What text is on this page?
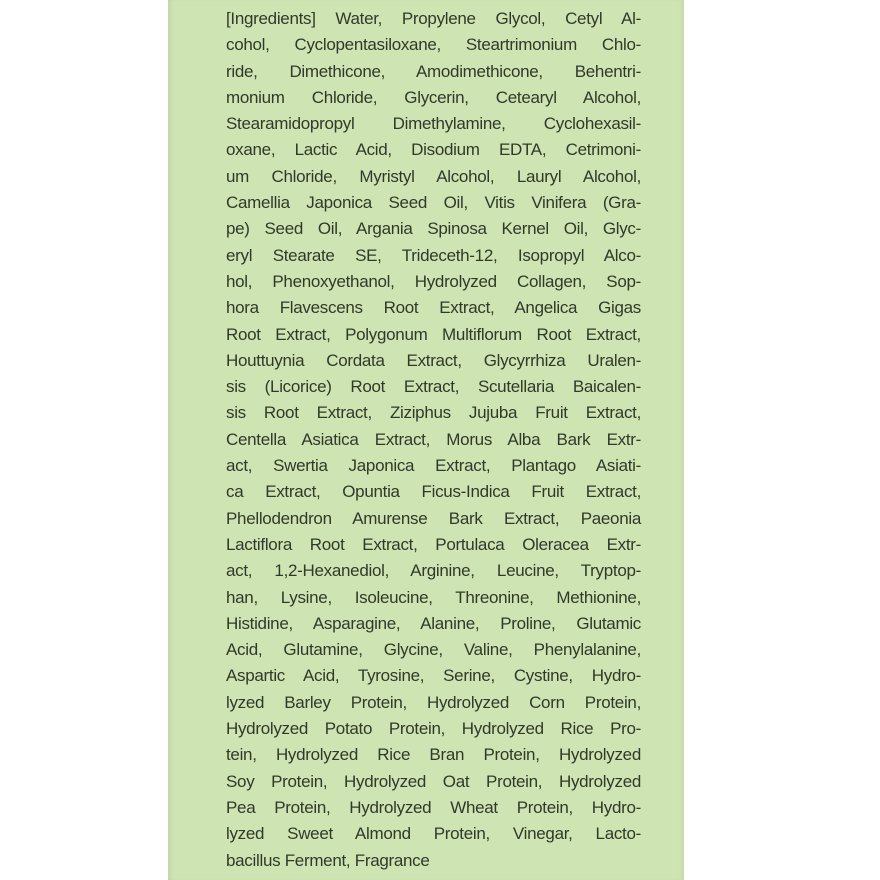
[Ingredients] Water, Propylene Glycol, Cetyl Al-
cohol, Cyclopentasiloxane, Steartrimonium Chlo-
ride, Dimethicone, Amodimethicone, Behentri-
monium Chloride, Glycerin, Cetearyl Alcohol,
Stearamidopropyl Dimethylamine, Cyclohexasil-
oxane, Lactic Acid, Disodium EDTA, Cetrimoni-
um Chloride, Myristyl Alcohol, Lauryl Alcohol,
Camellia Japonica Seed Oil, Vitis Vinifera (Gra-
pe) Seed Oil, Argania Spinosa Kernel Oil, Glyc-
eryl Stearate SE, Trideceth-12, Isopropyl Alco-
hol, Phenoxyethanol, Hydrolyzed Collagen, Sop-
hora Flavescens Root Extract, Angelica Gigas
Root Extract, Polygonum Multiflorum Root Extract,
Houttuynia Cordata Extract, Glycyrrhiza Uralen-
sis (Licorice) Root Extract, Scutellaria Baicalen-
sis Root Extract, Ziziphus Jujuba Fruit Extract,
Centella Asiatica Extract, Morus Alba Bark Extr-
act, Swertia Japonica Extract, Plantago Asiati-
ca Extract, Opuntia Ficus-Indica Fruit Extract,
Phellodendron Amurense Bark Extract, Paeonia
Lactiflora Root Extract, Portulaca Oleracea Extr-
act, 1,2-Hexanediol, Arginine, Leucine, Tryptop-
han, Lysine, Isoleucine, Threonine, Methionine,
Histidine, Asparagine, Alanine, Proline, Glutamic
Acid, Glutamine, Glycine, Valine, Phenylalanine,
Aspartic Acid, Tyrosine, Serine, Cystine, Hydro-
lyzed Barley Protein, Hydrolyzed Corn Protein,
Hydrolyzed Potato Protein, Hydrolyzed Rice Pro-
tein, Hydrolyzed Rice Bran Protein, Hydrolyzed
Soy Protein, Hydrolyzed Oat Protein, Hydrolyzed
Pea Protein, Hydrolyzed Wheat Protein, Hydro-
lyzed Sweet Almond Protein, Vinegar, Lacto-
bacillus Ferment, Fragrance
